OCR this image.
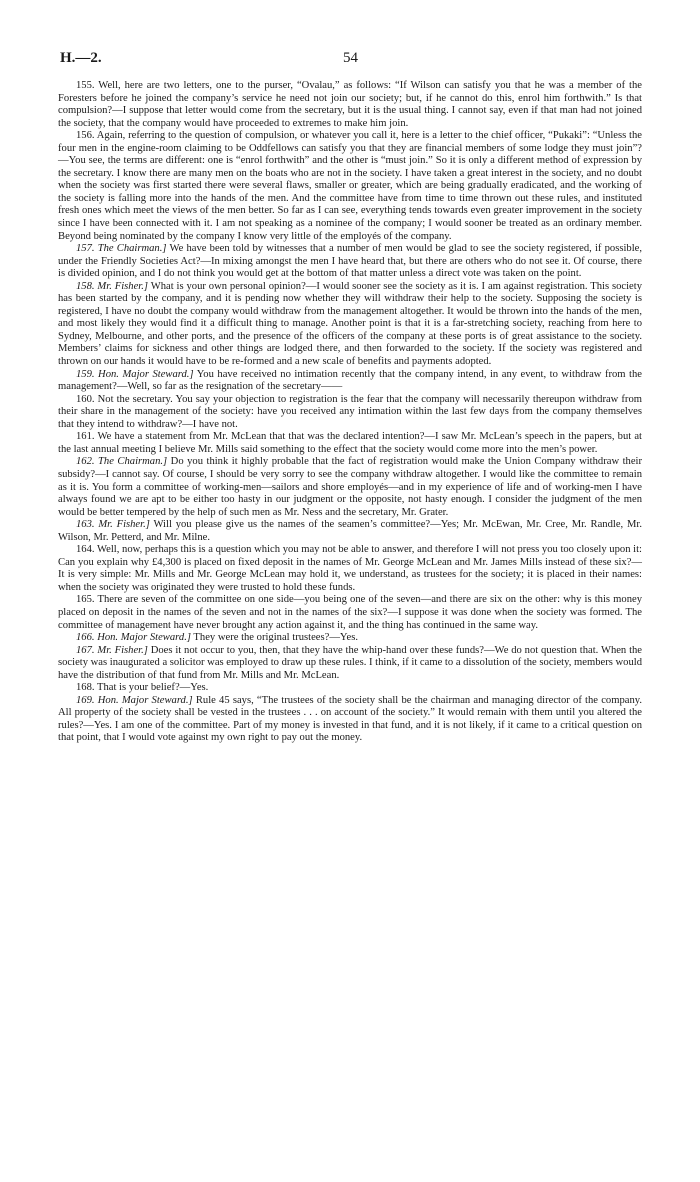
H.—2.	54

155. Well, here are two letters, one to the purser, “Ovalau,” as follows: “If Wilson can satisfy you that he was a member of the Foresters before he joined the company’s service he need not join our society; but, if he cannot do this, enrol him forthwith.” Is that compulsion?—I suppose that letter would come from the secretary, but it is the usual thing. I cannot say, even if that man had not joined the society, that the company would have proceeded to extremes to make him join.

156. Again, referring to the question of compulsion, or whatever you call it, here is a letter to the chief officer, “Pukaki”: “Unless the four men in the engine-room claiming to be Oddfellows can satisfy you that they are financial members of some lodge they must join”?—You see, the terms are different: one is “enrol forthwith” and the other is “must join.” So it is only a different method of expression by the secretary. I know there are many men on the boats who are not in the society. I have taken a great interest in the society, and no doubt when the society was first started there were several flaws, smaller or greater, which are being gradually eradicated, and the working of the society is falling more into the hands of the men. And the committee have from time to time thrown out these rules, and instituted fresh ones which meet the views of the men better. So far as I can see, everything tends towards even greater improvement in the society since I have been connected with it. I am not speaking as a nominee of the company; I would sooner be treated as an ordinary member. Beyond being nominated by the company I know very little of the employés of the company.

157. The Chairman.] We have been told by witnesses that a number of men would be glad to see the society registered, if possible, under the Friendly Societies Act?—In mixing amongst the men I have heard that, but there are others who do not see it. Of course, there is divided opinion, and I do not think you would get at the bottom of that matter unless a direct vote was taken on the point.

158. Mr. Fisher.] What is your own personal opinion?—I would sooner see the society as it is. I am against registration. This society has been started by the company, and it is pending now whether they will withdraw their help to the society. Supposing the society is registered, I have no doubt the company would withdraw from the management altogether. It would be thrown into the hands of the men, and most likely they would find it a difficult thing to manage. Another point is that it is a far-stretching society, reaching from here to Sydney, Melbourne, and other ports, and the presence of the officers of the company at these ports is of great assistance to the society. Members’ claims for sickness and other things are lodged there, and then forwarded to the society. If the society was registered and thrown on our hands it would have to be re-formed and a new scale of benefits and payments adopted.

159. Hon. Major Steward.] You have received no intimation recently that the company intend, in any event, to withdraw from the management?—Well, so far as the resignation of the secretary——

160. Not the secretary. You say your objection to registration is the fear that the company will necessarily thereupon withdraw from their share in the management of the society: have you received any intimation within the last few days from the company themselves that they intend to withdraw?—I have not.

161. We have a statement from Mr. McLean that that was the declared intention?—I saw Mr. McLean’s speech in the papers, but at the last annual meeting I believe Mr. Mills said something to the effect that the society would come more into the men’s power.

162. The Chairman.] Do you think it highly probable that the fact of registration would make the Union Company withdraw their subsidy?—I cannot say. Of course, I should be very sorry to see the company withdraw altogether. I would like the committee to remain as it is. You form a committee of working-men—sailors and shore employés—and in my experience of life and of working-men I have always found we are apt to be either too hasty in our judgment or the opposite, not hasty enough. I consider the judgment of the men would be better tempered by the help of such men as Mr. Ness and the secretary, Mr. Grater.

163. Mr. Fisher.] Will you please give us the names of the seamen’s committee?—Yes; Mr. McEwan, Mr. Cree, Mr. Randle, Mr. Wilson, Mr. Petterd, and Mr. Milne.

164. Well, now, perhaps this is a question which you may not be able to answer, and therefore I will not press you too closely upon it: Can you explain why £4,300 is placed on fixed deposit in the names of Mr. George McLean and Mr. James Mills instead of these six?—It is very simple: Mr. Mills and Mr. George McLean may hold it, we understand, as trustees for the society; it is placed in their names: when the society was originated they were trusted to hold these funds.

165. There are seven of the committee on one side—you being one of the seven—and there are six on the other: why is this money placed on deposit in the names of the seven and not in the names of the six?—I suppose it was done when the society was formed. The committee of management have never brought any action against it, and the thing has continued in the same way.

166. Hon. Major Steward.] They were the original trustees?—Yes.

167. Mr. Fisher.] Does it not occur to you, then, that they have the whip-hand over these funds?—We do not question that. When the society was inaugurated a solicitor was employed to draw up these rules. I think, if it came to a dissolution of the society, members would have the distribution of that fund from Mr. Mills and Mr. McLean.

168. That is your belief?—Yes.

169. Hon. Major Steward.] Rule 45 says, “The trustees of the society shall be the chairman and managing director of the company. All property of the society shall be vested in the trustees . . . on account of the society.” It would remain with them until you altered the rules?—Yes. I am one of the committee. Part of my money is invested in that fund, and it is not likely, if it came to a critical question on that point, that I would vote against my own right to pay out the money.
